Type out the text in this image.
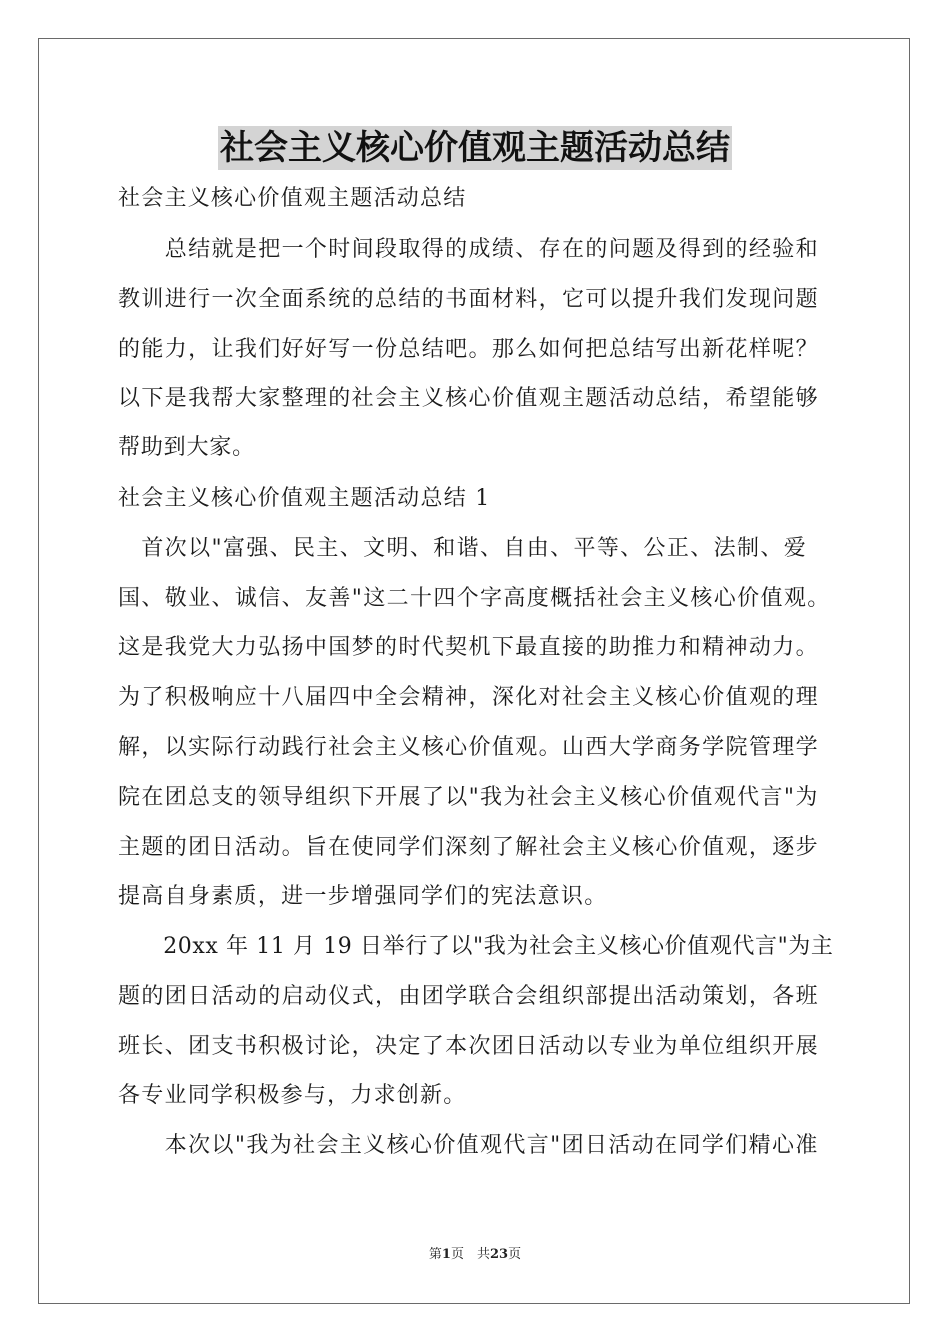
社会主义核心价值观主题活动总结
社会主义核心价值观主题活动总结
　　总结就是把一个时间段取得的成绩、存在的问题及得到的经验和
教训进行一次全面系统的总结的书面材料，它可以提升我们发现问题
的能力，让我们好好写一份总结吧。那么如何把总结写出新花样呢？
以下是我帮大家整理的社会主义核心价值观主题活动总结，希望能够
帮助到大家。
社会主义核心价值观主题活动总结 1
　首次以"富强、民主、文明、和谐、自由、平等、公正、法制、爱
国、敬业、诚信、友善"这二十四个字高度概括社会主义核心价值观。
这是我党大力弘扬中国梦的时代契机下最直接的助推力和精神动力。
为了积极响应十八届四中全会精神，深化对社会主义核心价值观的理
解，以实际行动践行社会主义核心价值观。山西大学商务学院管理学
院在团总支的领导组织下开展了以"我为社会主义核心价值观代言"为
主题的团日活动。旨在使同学们深刻了解社会主义核心价值观，逐步
提高自身素质，进一步增强同学们的宪法意识。
　　20xx 年 11 月 19 日举行了以"我为社会主义核心价值观代言"为主
题的团日活动的启动仪式，由团学联合会组织部提出活动策划，各班
班长、团支书积极讨论，决定了本次团日活动以专业为单位组织开展
各专业同学积极参与，力求创新。
　　本次以"我为社会主义核心价值观代言"团日活动在同学们精心准
第1页　共23页
